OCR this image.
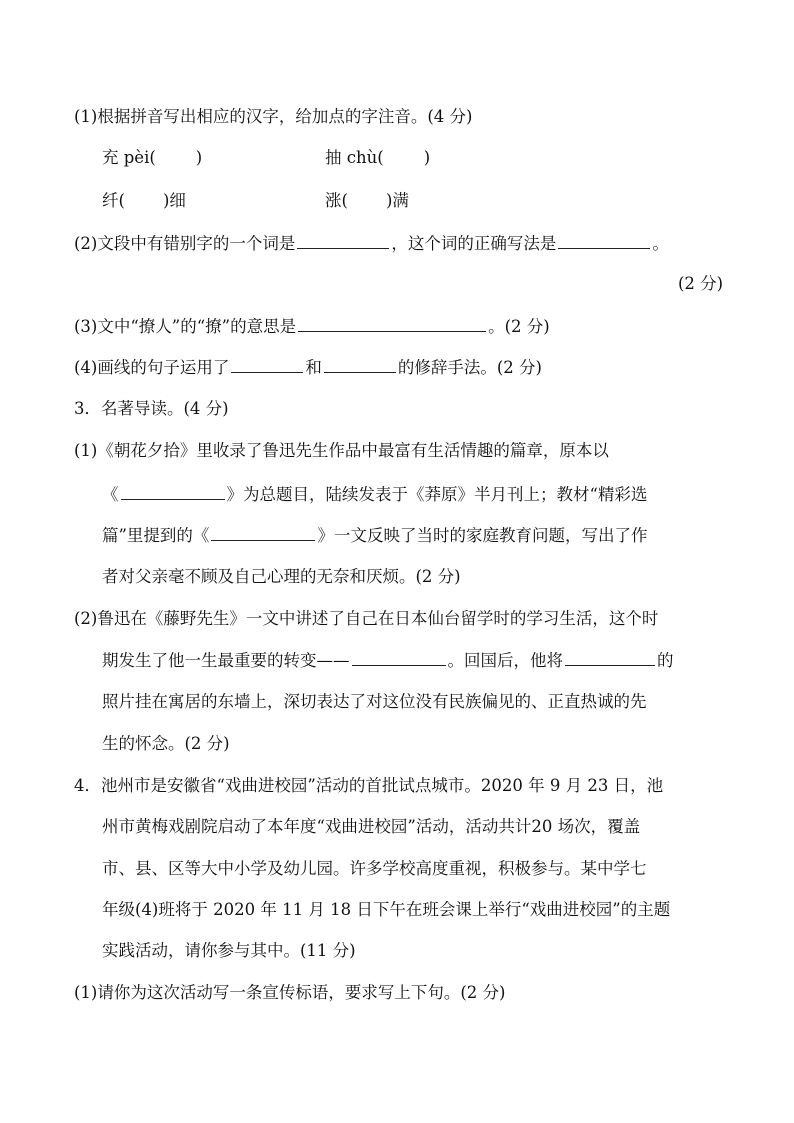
(1)根据拼音写出相应的汉字，给加点的字注音。(4 分)
充 pèi( )	抽 chù( )
纤( )细	涨( )满
(2)文段中有错别字的一个词是	，这个词的正确写法是	。
(2 分)
(3)文中“撩人”的“撩”的意思是	。(2 分)
(4)画线的句子运用了	和	的修辞手法。(2 分)
3．名著导读。(4 分)
(1)《朝花夕拾》里收录了鲁迅先生作品中最富有生活情趣的篇章，原本以
《	》为总题目，陆续发表于《莽原》半月刊上；教材“精彩选
篇”里提到的《	》一文反映了当时的家庭教育问题，写出了作
者对父亲毫不顾及自己心理的无奈和厌烦。(2 分)
(2)鲁迅在《藤野先生》一文中讲述了自己在日本仙台留学时的学习生活，这个时
期发生了他一生最重要的转变——	。回国后，他将	的
照片挂在寓居的东墙上，深切表达了对这位没有民族偏见的、正直热诚的先
生的怀念。(2 分)
4．池州市是安徽省“戏曲进校园”活动的首批试点城市。2020 年 9 月 23 日，池
州市黄梅戏剧院启动了本年度“戏曲进校园”活动，活动共计20 场次，覆盖
市、县、区等大中小学及幼儿园。许多学校高度重视，积极参与。某中学七
年级(4)班将于 2020 年 11 月 18 日下午在班会课上举行“戏曲进校园”的主题
实践活动，请你参与其中。(11 分)
(1)请你为这次活动写一条宣传标语，要求写上下句。(2 分)
